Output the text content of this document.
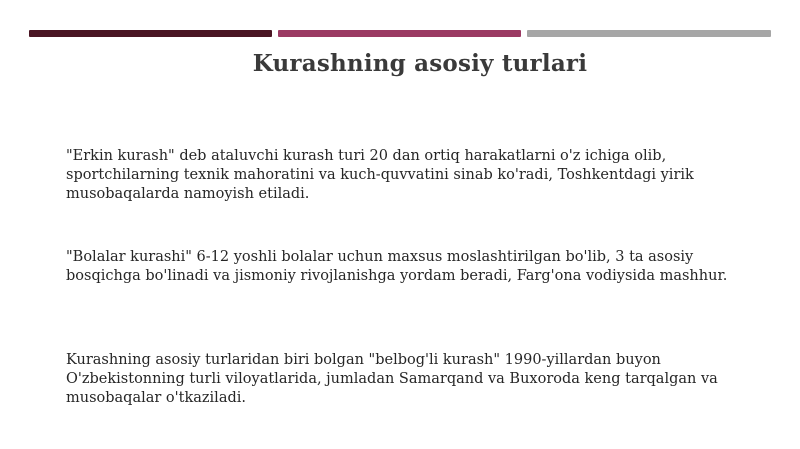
Kurashning asosiy turlari
"Erkin kurash" deb ataluvchi kurash turi 20 dan ortiq harakatlarni o'z ichiga olib,
sportchilarning texnik mahoratini va kuch-quvvatini sinab ko'radi, Toshkentdagi yirik
musobaqalarda namoyish etiladi.
"Bolalar kurashi" 6-12 yoshli bolalar uchun maxsus moslashtirilgan bo'lib, 3 ta asosiy
bosqichga bo'linadi va jismoniy rivojlanishga yordam beradi, Farg'ona vodiysida mashhur.
Kurashning asosiy turlaridan biri bolgan "belbog'li kurash" 1990-yillardan buyon
O'zbekistonning turli viloyatlarida, jumladan Samarqand va Buxoroda keng tarqalgan va
musobaqalar o'tkaziladi.
